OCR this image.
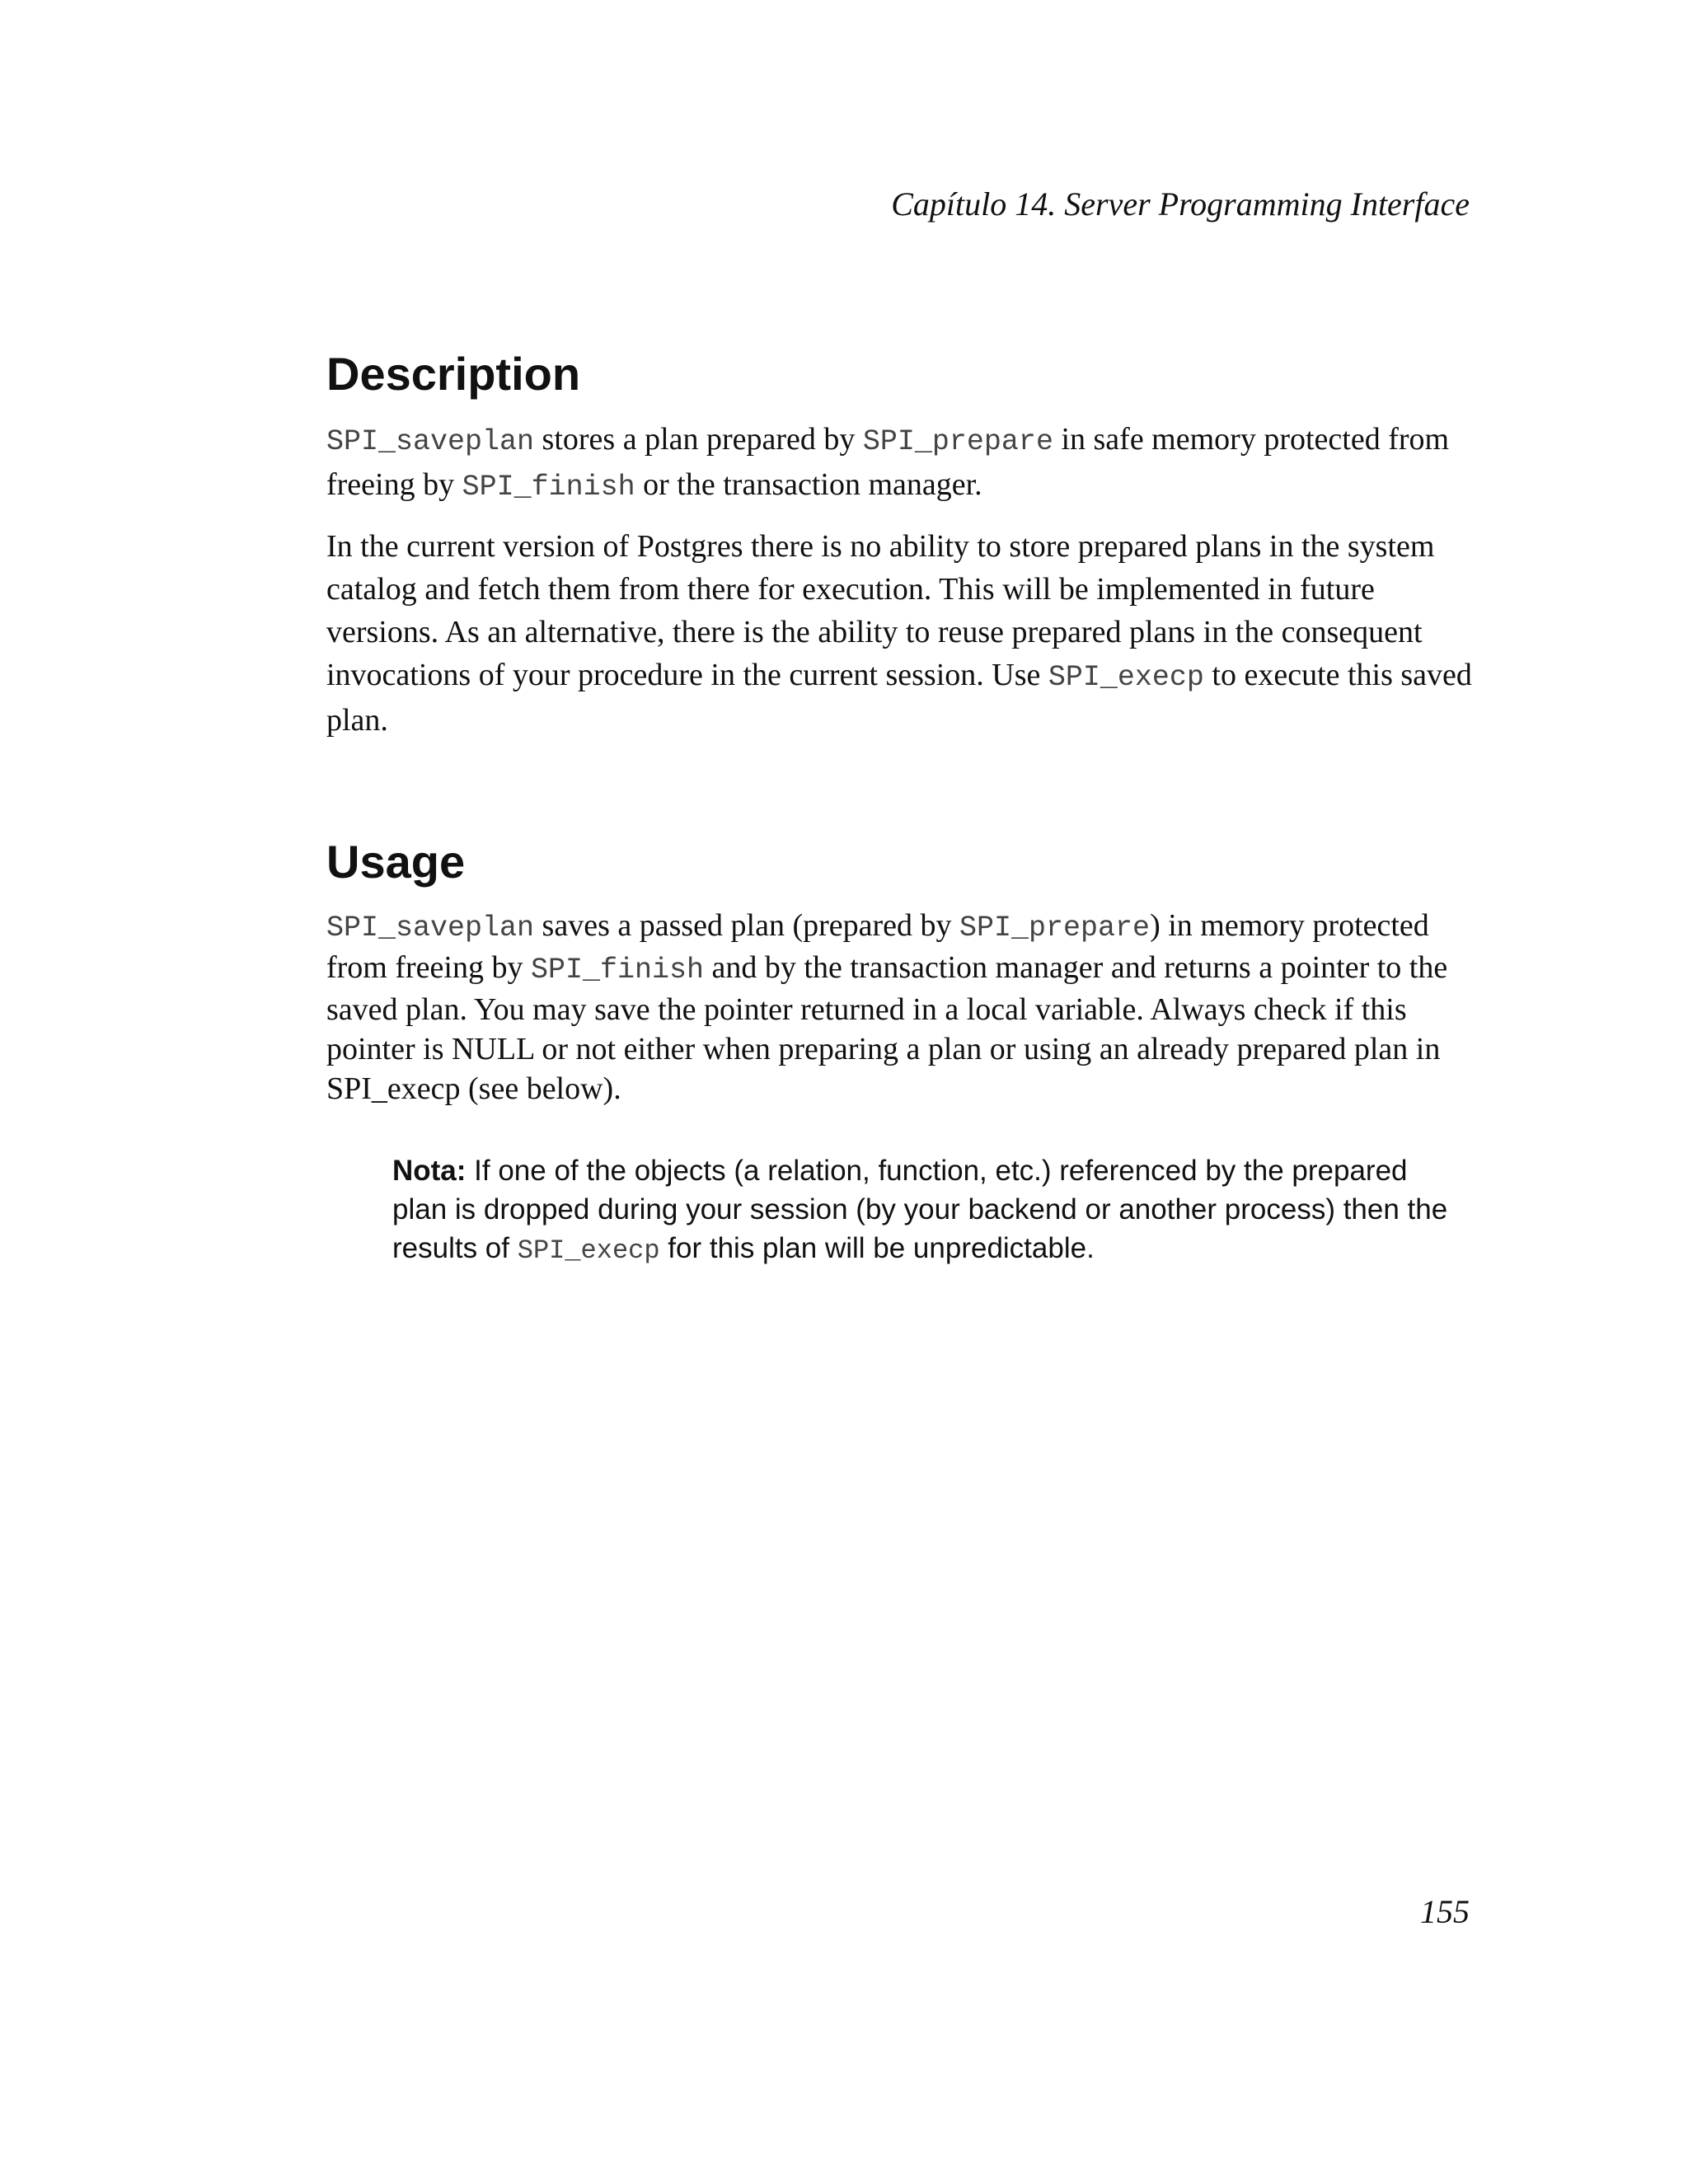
Capítulo 14. Server Programming Interface
Description

SPI_saveplan stores a plan prepared by SPI_prepare in safe memory protected from freeing by SPI_finish or the transaction manager.

In the current version of Postgres there is no ability to store prepared plans in the system catalog and fetch them from there for execution. This will be implemented in future versions. As an alternative, there is the ability to reuse prepared plans in the consequent invocations of your procedure in the current session. Use SPI_execp to execute this saved plan.

Usage

SPI_saveplan saves a passed plan (prepared by SPI_prepare) in memory protected from freeing by SPI_finish and by the transaction manager and returns a pointer to the saved plan. You may save the pointer returned in a local variable. Always check if this pointer is NULL or not either when preparing a plan or using an already prepared plan in SPI_execp (see below).

Nota: If one of the objects (a relation, function, etc.) referenced by the prepared plan is dropped during your session (by your backend or another process) then the results of SPI_execp for this plan will be unpredictable.
155
